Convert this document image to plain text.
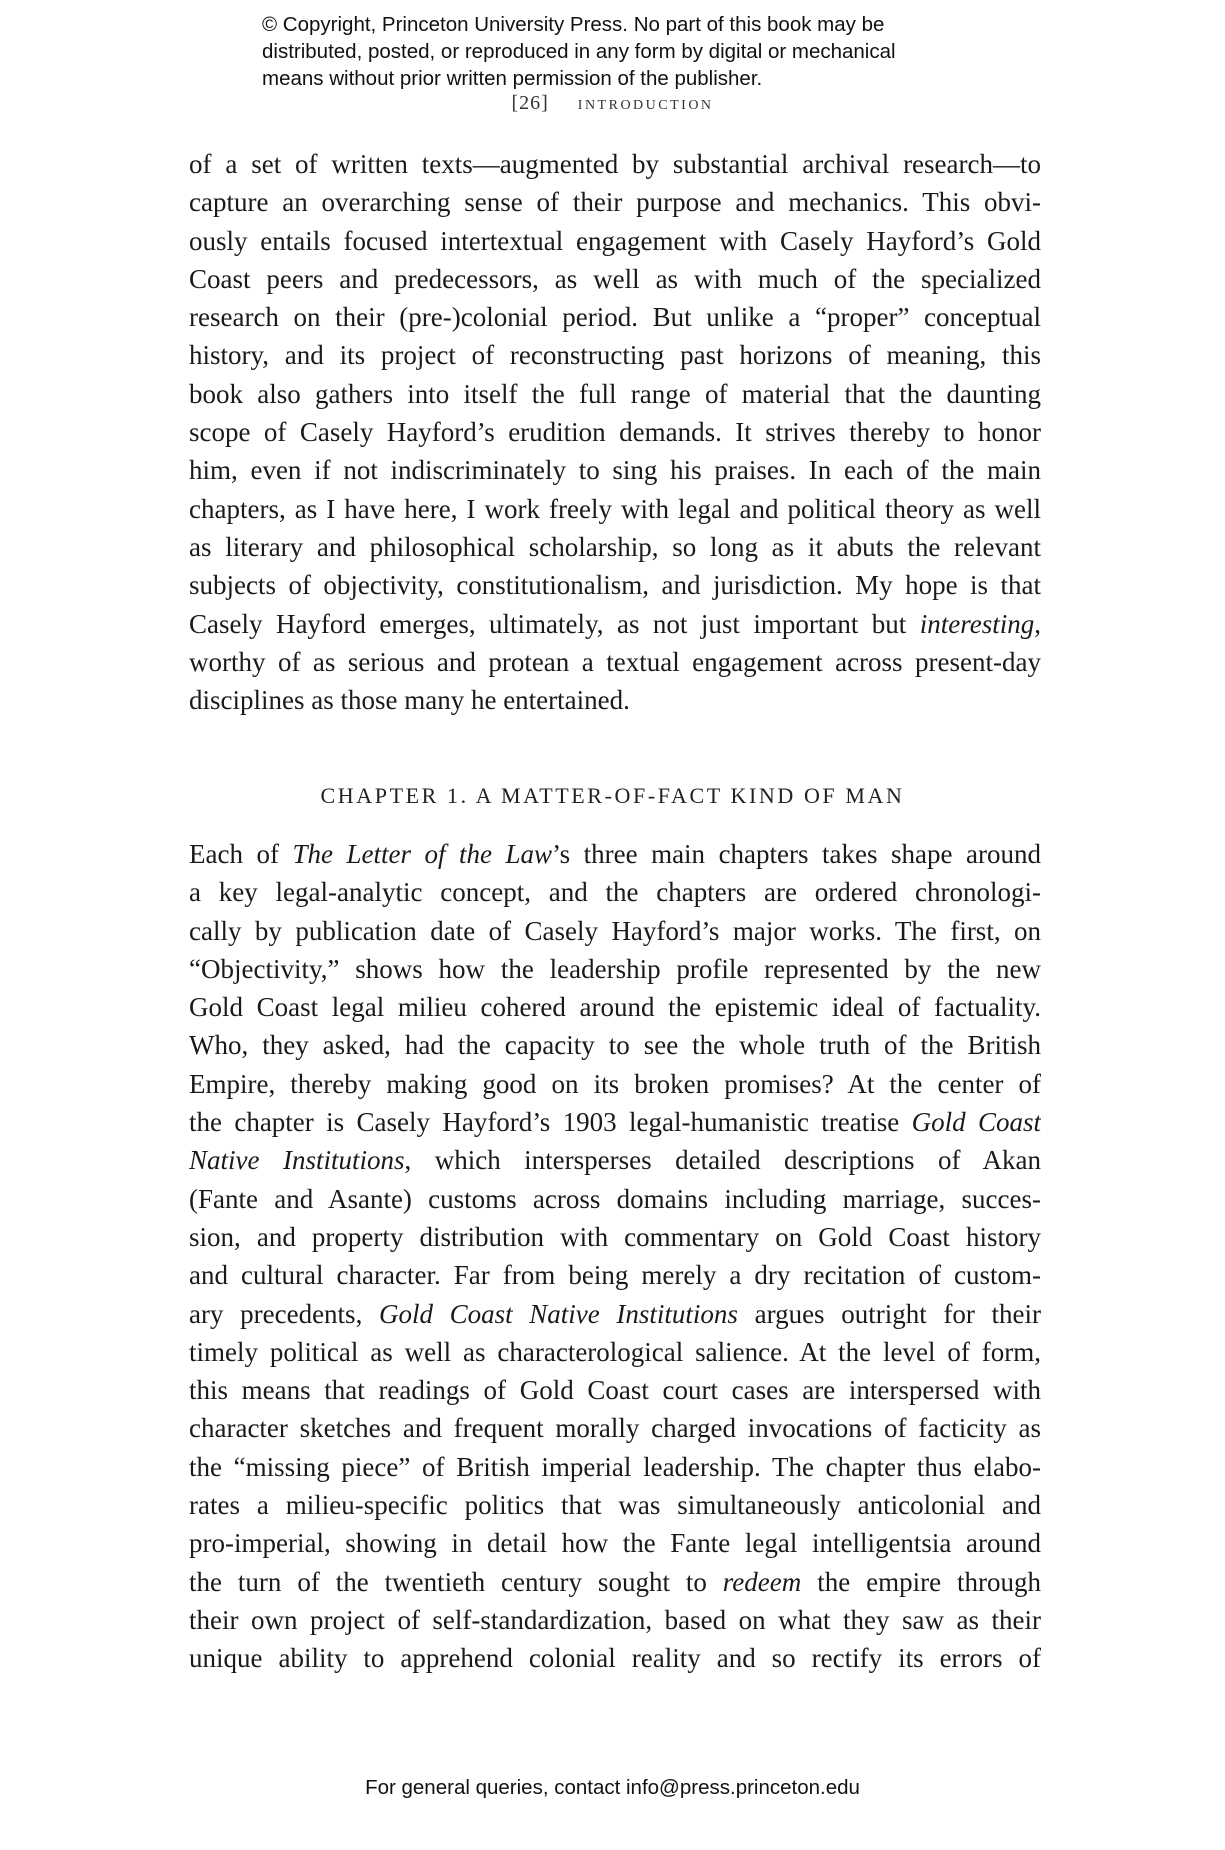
© Copyright, Princeton University Press. No part of this book may be
distributed, posted, or reproduced in any form by digital or mechanical
means without prior written permission of the publisher.
[26] introduction
of a set of written texts—augmented by substantial archival research—to
capture an overarching sense of their purpose and mechanics. This obvi-
ously entails focused intertextual engagement with Casely Hayford’s Gold
Coast peers and predecessors, as well as with much of the specialized
research on their (pre-)colonial period. But unlike a “proper” conceptual
history, and its project of reconstructing past horizons of meaning, this
book also gathers into itself the full range of material that the daunting
scope of Casely Hayford’s erudition demands. It strives thereby to honor
him, even if not indiscriminately to sing his praises. In each of the main
chapters, as I have here, I work freely with legal and political theory as well
as literary and philosophical scholarship, so long as it abuts the relevant
subjects of objectivity, constitutionalism, and jurisdiction. My hope is that
Casely Hayford emerges, ultimately, as not just important but interesting,
worthy of as serious and protean a textual engagement across present-day
disciplines as those many he entertained.
CHAPTER 1. A MATTER-OF-FACT KIND OF MAN
Each of The Letter of the Law’s three main chapters takes shape around
a key legal-analytic concept, and the chapters are ordered chronologi-
cally by publication date of Casely Hayford’s major works. The first, on
“Objectivity,” shows how the leadership profile represented by the new
Gold Coast legal milieu cohered around the epistemic ideal of factuality.
Who, they asked, had the capacity to see the whole truth of the British
Empire, thereby making good on its broken promises? At the center of
the chapter is Casely Hayford’s 1903 legal-humanistic treatise Gold Coast
Native Institutions, which intersperses detailed descriptions of Akan
(Fante and Asante) customs across domains including marriage, succes-
sion, and property distribution with commentary on Gold Coast history
and cultural character. Far from being merely a dry recitation of custom-
ary precedents, Gold Coast Native Institutions argues outright for their
timely political as well as characterological salience. At the level of form,
this means that readings of Gold Coast court cases are interspersed with
character sketches and frequent morally charged invocations of facticity as
the “missing piece” of British imperial leadership. The chapter thus elabo-
rates a milieu-specific politics that was simultaneously anticolonial and
pro-imperial, showing in detail how the Fante legal intelligentsia around
the turn of the twentieth century sought to redeem the empire through
their own project of self-standardization, based on what they saw as their
unique ability to apprehend colonial reality and so rectify its errors of
For general queries, contact info@press.princeton.edu
